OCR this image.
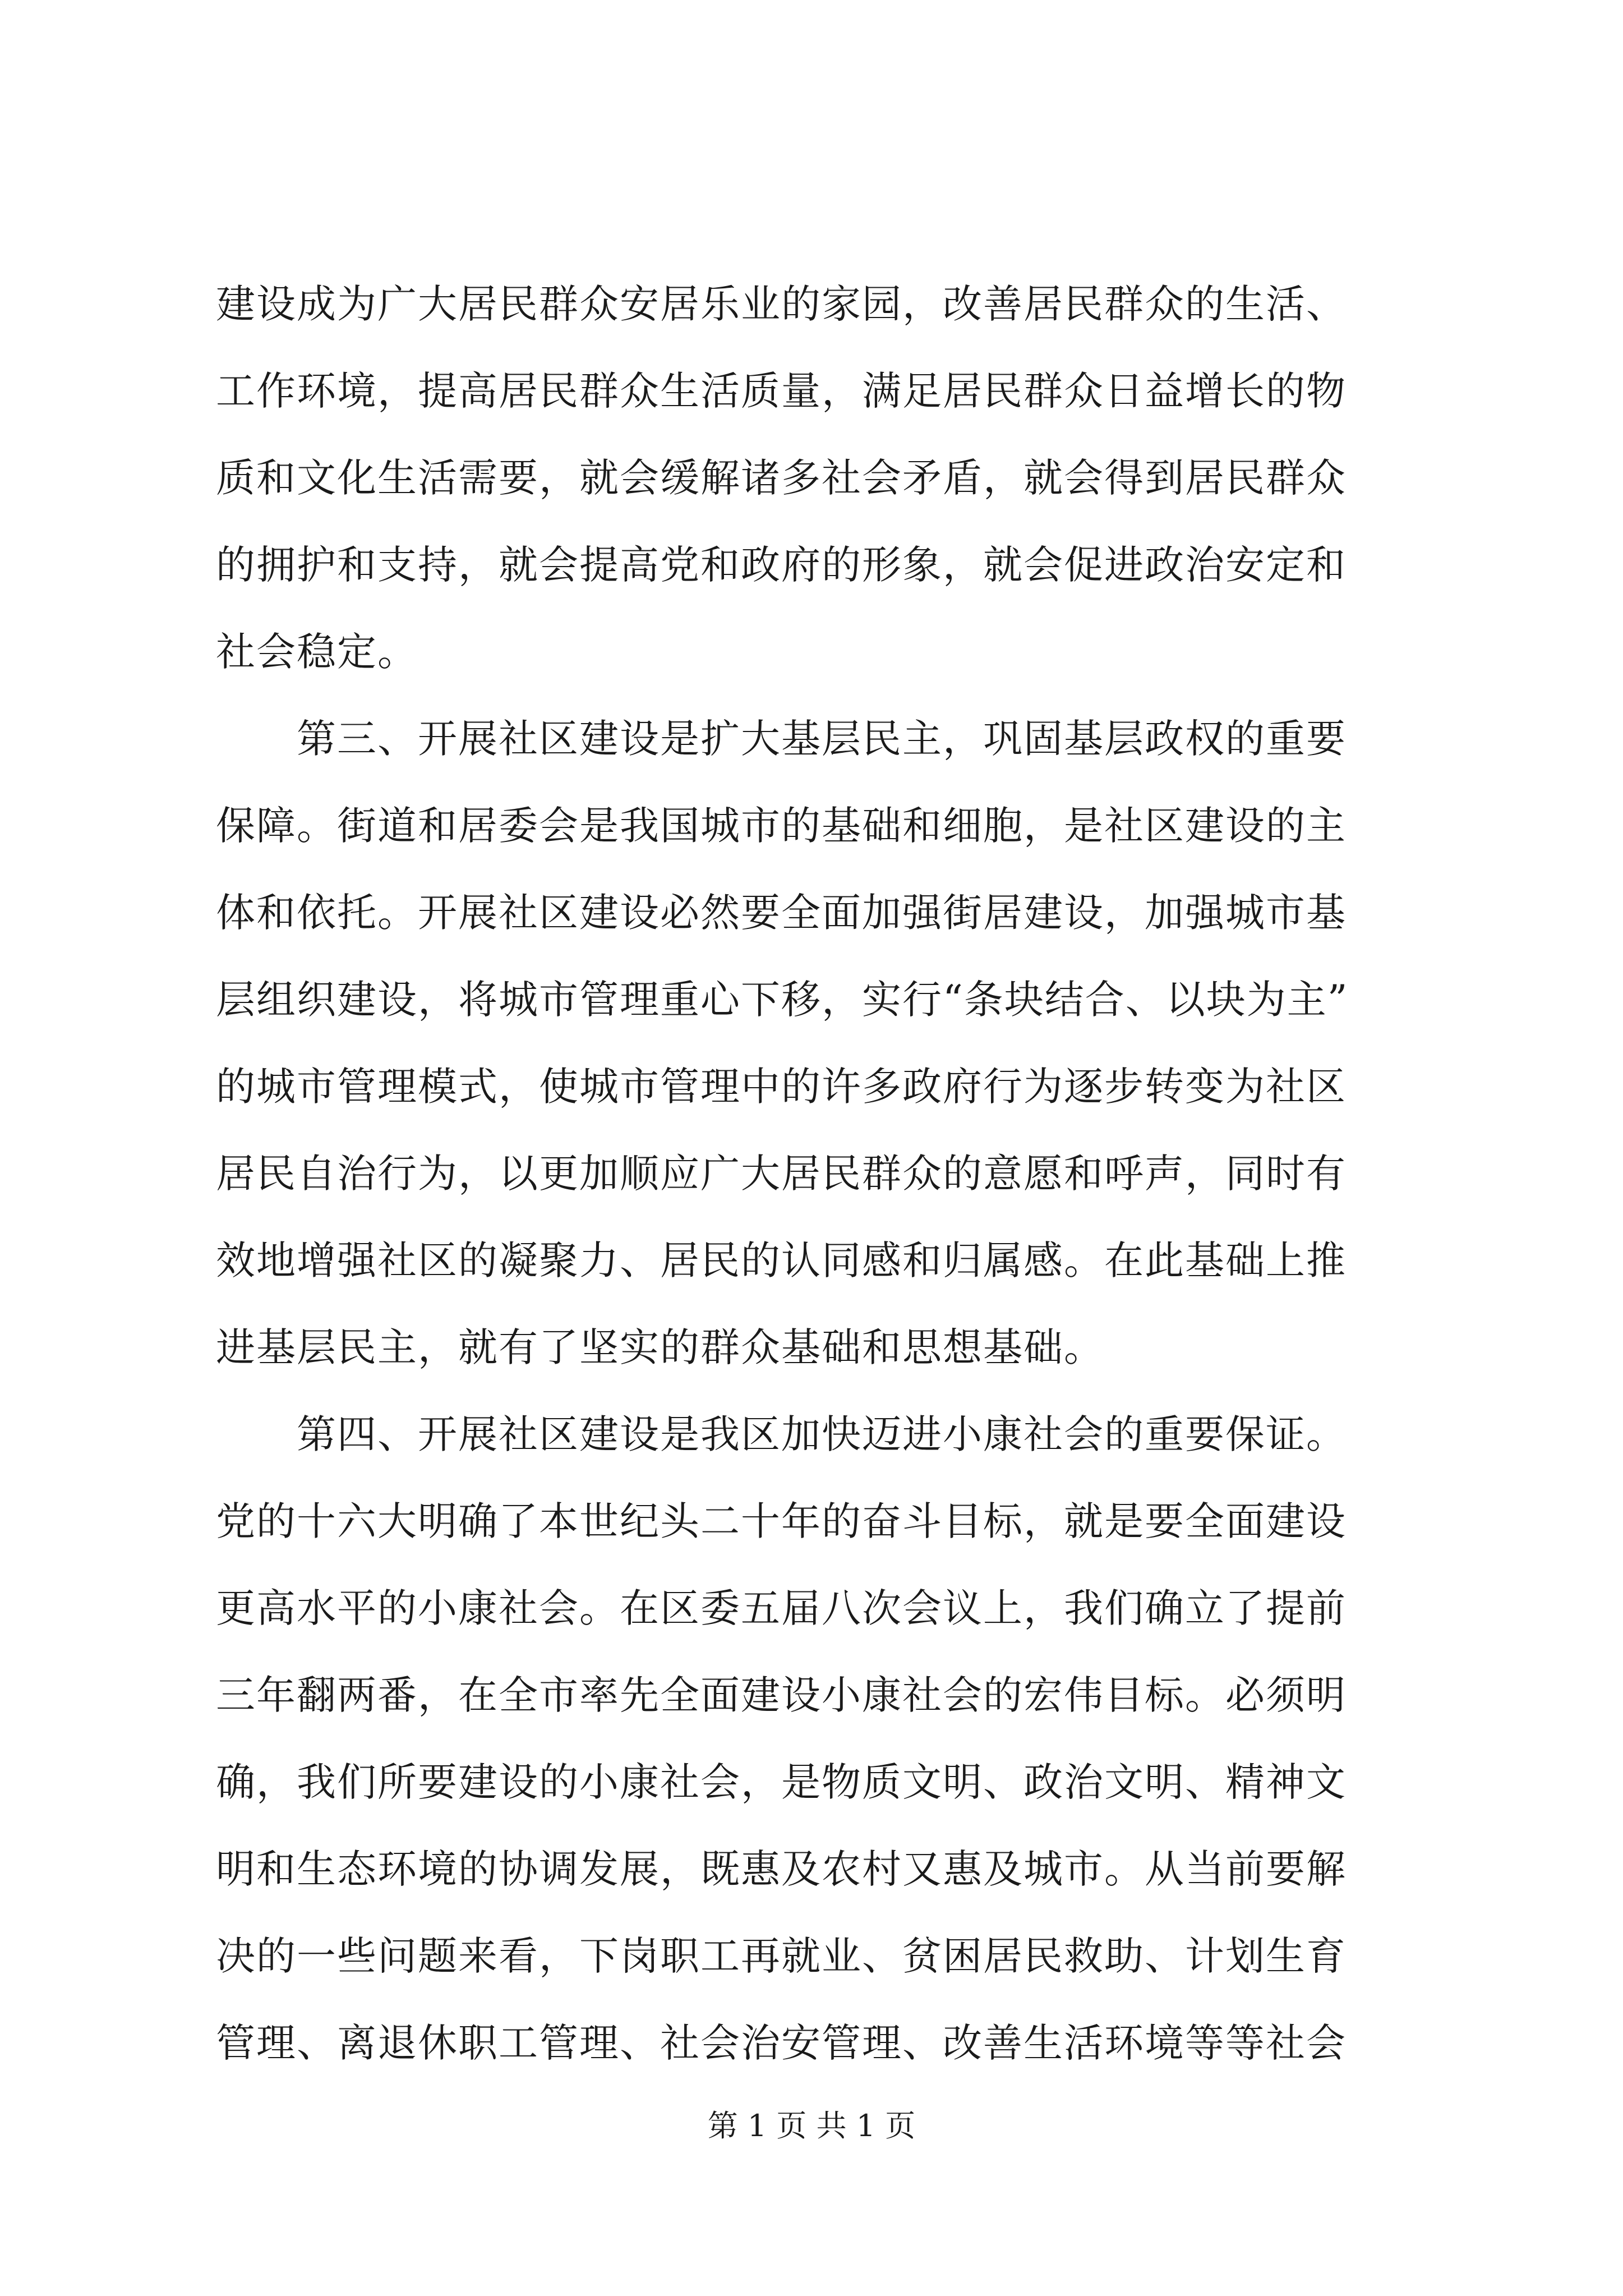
建设成为广大居民群众安居乐业的家园，改善居民群众的生活、
工作环境，提高居民群众生活质量，满足居民群众日益增长的物
质和文化生活需要，就会缓解诸多社会矛盾，就会得到居民群众
的拥护和支持，就会提高党和政府的形象，就会促进政治安定和
社会稳定。
　　第三、开展社区建设是扩大基层民主，巩固基层政权的重要
保障。街道和居委会是我国城市的基础和细胞，是社区建设的主
体和依托。开展社区建设必然要全面加强街居建设，加强城市基
层组织建设，将城市管理重心下移，实行“条块结合、以块为主”
的城市管理模式，使城市管理中的许多政府行为逐步转变为社区
居民自治行为，以更加顺应广大居民群众的意愿和呼声，同时有
效地增强社区的凝聚力、居民的认同感和归属感。在此基础上推
进基层民主，就有了坚实的群众基础和思想基础。
　　第四、开展社区建设是我区加快迈进小康社会的重要保证。
党的十六大明确了本世纪头二十年的奋斗目标，就是要全面建设
更高水平的小康社会。在区委五届八次会议上，我们确立了提前
三年翻两番，在全市率先全面建设小康社会的宏伟目标。必须明
确，我们所要建设的小康社会，是物质文明、政治文明、精神文
明和生态环境的协调发展，既惠及农村又惠及城市。从当前要解
决的一些问题来看，下岗职工再就业、贫困居民救助、计划生育
管理、离退休职工管理、社会治安管理、改善生活环境等等社会
第 1 页 共 1 页
